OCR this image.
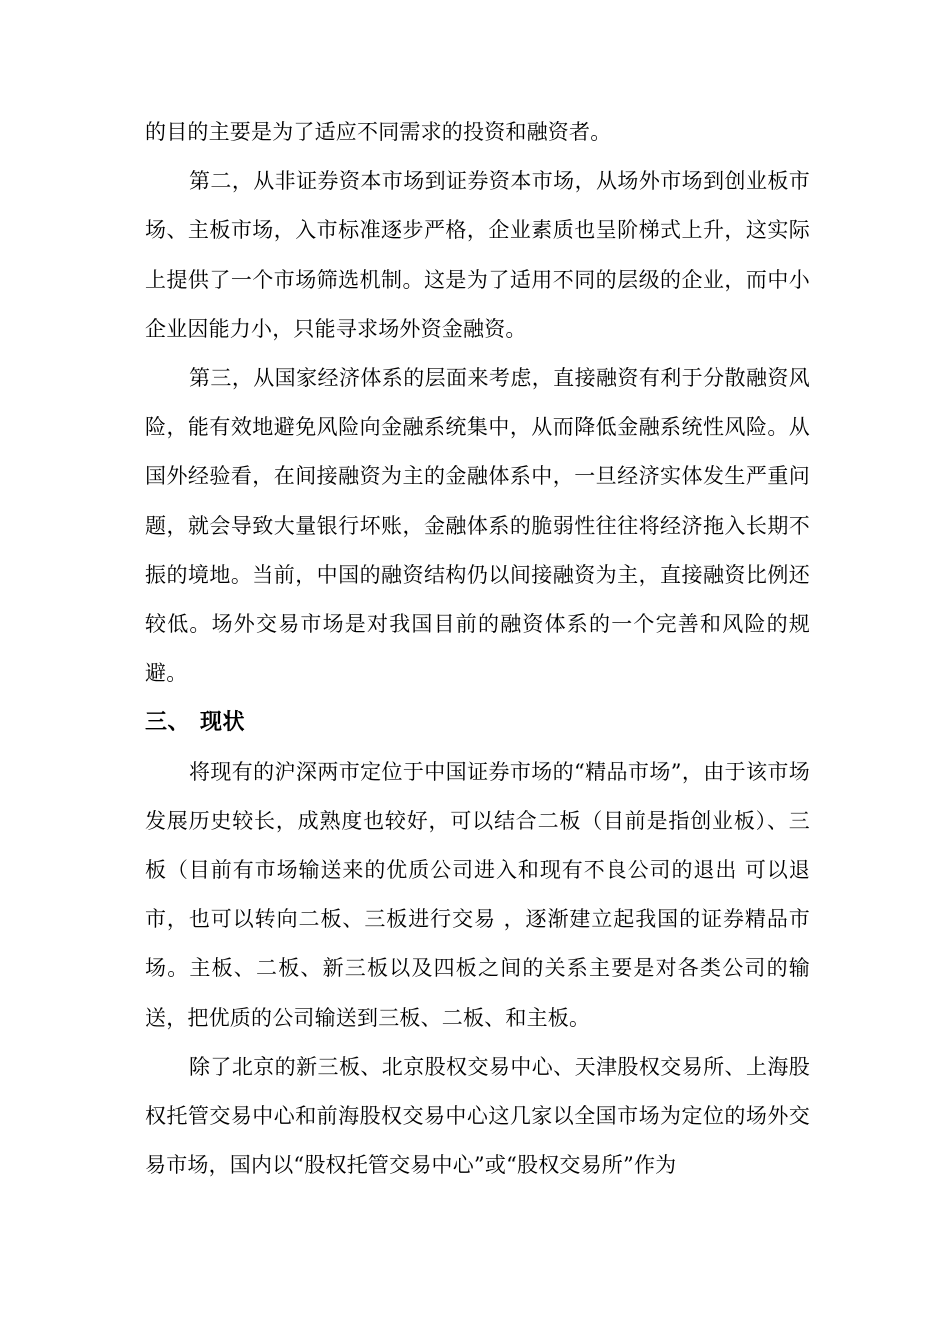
的目的主要是为了适应不同需求的投资和融资者。

第二，从非证券资本市场到证券资本市场，从场外市场到创业板市场、主板市场，入市标准逐步严格，企业素质也呈阶梯式上升，这实际上提供了一个市场筛选机制。这是为了适用不同的层级的企业，而中小企业因能力小，只能寻求场外资金融资。

第三，从国家经济体系的层面来考虑，直接融资有利于分散融资风险，能有效地避免风险向金融系统集中，从而降低金融系统性风险。从国外经验看，在间接融资为主的金融体系中，一旦经济实体发生严重问题，就会导致大量银行坏账，金融体系的脆弱性往往将经济拖入长期不振的境地。当前，中国的融资结构仍以间接融资为主，直接融资比例还较低。场外交易市场是对我国目前的融资体系的一个完善和风险的规避。

三、 现状

将现有的沪深两市定位于中国证券市场的“精品市场”，由于该市场发展历史较长，成熟度也较好，可以结合二板（目前是指创业板）、三板（目前有市场输送来的优质公司进入和现有不良公司的退出 可以退市，也可以转向二板、三板进行交易 ，逐渐建立起我国的证券精品市场。主板、二板、新三板以及四板之间的关系主要是对各类公司的输送，把优质的公司输送到三板、二板、和主板。

除了北京的新三板、北京股权交易中心、天津股权交易所、上海股权托管交易中心和前海股权交易中心这几家以全国市场为定位的场外交易市场，国内以“股权托管交易中心”或“股权交易所”作为
